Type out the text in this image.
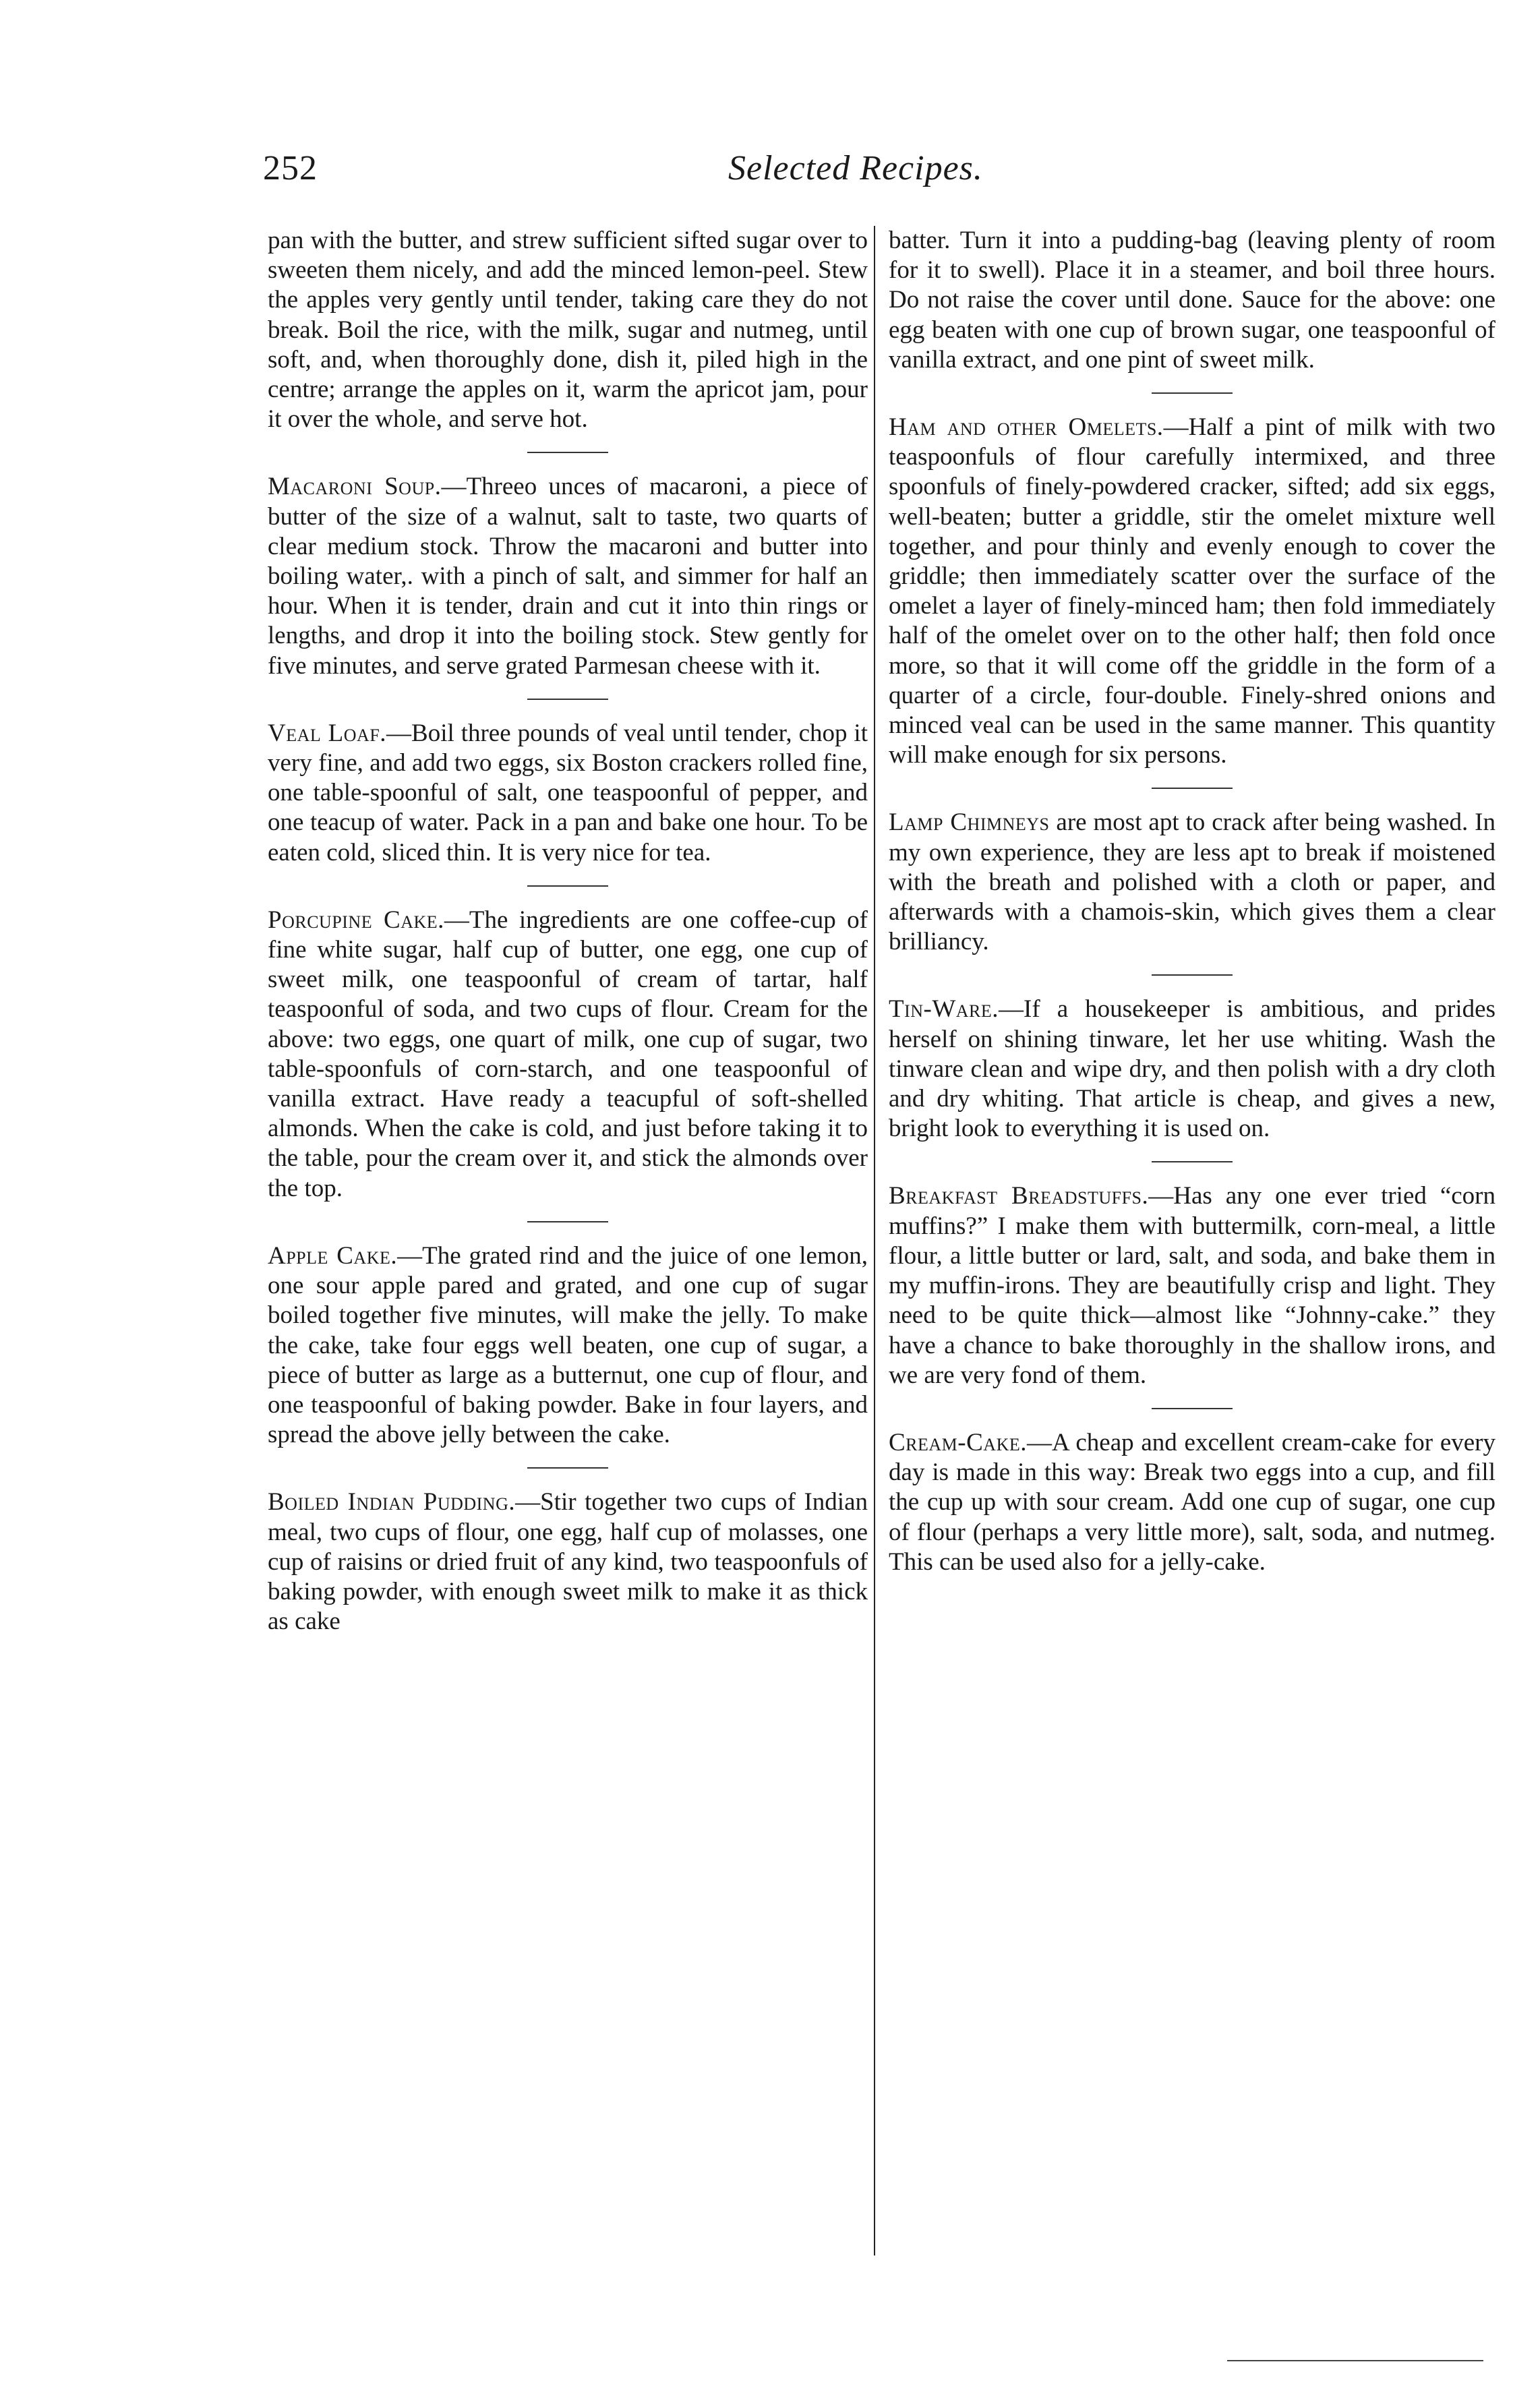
252	Selected Recipes.

pan with the butter, and strew sufficient sifted sugar over to sweeten them nicely, and add the minced lemon-peel. Stew the apples very gently until tender, taking care they do not break. Boil the rice, with the milk, sugar and nutmeg, until soft, and, when thoroughly done, dish it, piled high in the centre; arrange the apples on it, warm the apricot jam, pour it over the whole, and serve hot.

Macaroni Soup.—Threeo unces of macaroni, a piece of butter of the size of a walnut, salt to taste, two quarts of clear medium stock. Throw the macaroni and butter into boiling water,. with a pinch of salt, and simmer for half an hour. When it is tender, drain and cut it into thin rings or lengths, and drop it into the boiling stock. Stew gently for five minutes, and serve grated Parmesan cheese with it.

Veal Loaf.—Boil three pounds of veal until tender, chop it very fine, and add two eggs, six Boston crackers rolled fine, one table-spoonful of salt, one teaspoonful of pepper, and one teacup of water. Pack in a pan and bake one hour. To be eaten cold, sliced thin. It is very nice for tea.

Porcupine Cake.—The ingredients are one coffee-cup of fine white sugar, half cup of butter, one egg, one cup of sweet milk, one teaspoonful of cream of tartar, half teaspoonful of soda, and two cups of flour. Cream for the above: two eggs, one quart of milk, one cup of sugar, two table-spoonfuls of corn-starch, and one teaspoonful of vanilla extract. Have ready a teacupful of soft-shelled almonds. When the cake is cold, and just before taking it to the table, pour the cream over it, and stick the almonds over the top.

Apple Cake.—The grated rind and the juice of one lemon, one sour apple pared and grated, and one cup of sugar boiled together five minutes, will make the jelly. To make the cake, take four eggs well beaten, one cup of sugar, a piece of butter as large as a butternut, one cup of flour, and one teaspoonful of baking powder. Bake in four layers, and spread the above jelly between the cake.

Boiled Indian Pudding.—Stir together two cups of Indian meal, two cups of flour, one egg, half cup of molasses, one cup of raisins or dried fruit of any kind, two teaspoonfuls of baking powder, with enough sweet milk to make it as thick as cake

batter. Turn it into a pudding-bag (leaving plenty of room for it to swell). Place it in a steamer, and boil three hours. Do not raise the cover until done. Sauce for the above: one egg beaten with one cup of brown sugar, one teaspoonful of vanilla extract, and one pint of sweet milk.

Ham and other Omelets.—Half a pint of milk with two teaspoonfuls of flour carefully intermixed, and three spoonfuls of finely-powdered cracker, sifted; add six eggs, well-beaten; butter a griddle, stir the omelet mixture well together, and pour thinly and evenly enough to cover the griddle; then immediately scatter over the surface of the omelet a layer of finely-minced ham; then fold immediately half of the omelet over on to the other half; then fold once more, so that it will come off the griddle in the form of a quarter of a circle, four-double. Finely-shred onions and minced veal can be used in the same manner. This quantity will make enough for six persons.

Lamp Chimneys are most apt to crack after being washed. In my own experience, they are less apt to break if moistened with the breath and polished with a cloth or paper, and afterwards with a chamois-skin, which gives them a clear brilliancy.

Tin-Ware.—If a housekeeper is ambitious, and prides herself on shining tinware, let her use whiting. Wash the tinware clean and wipe dry, and then polish with a dry cloth and dry whiting. That article is cheap, and gives a new, bright look to everything it is used on.

Breakfast Breadstuffs.—Has any one ever tried “corn muffins?” I make them with buttermilk, corn-meal, a little flour, a little butter or lard, salt, and soda, and bake them in my muffin-irons. They are beautifully crisp and light. They need to be quite thick—almost like “Johnny-cake.” they have a chance to bake thoroughly in the shallow irons, and we are very fond of them.

Cream-Cake.—A cheap and excellent cream-cake for every day is made in this way: Break two eggs into a cup, and fill the cup up with sour cream. Add one cup of sugar, one cup of flour (perhaps a very little more), salt, soda, and nutmeg. This can be used also for a jelly-cake.
